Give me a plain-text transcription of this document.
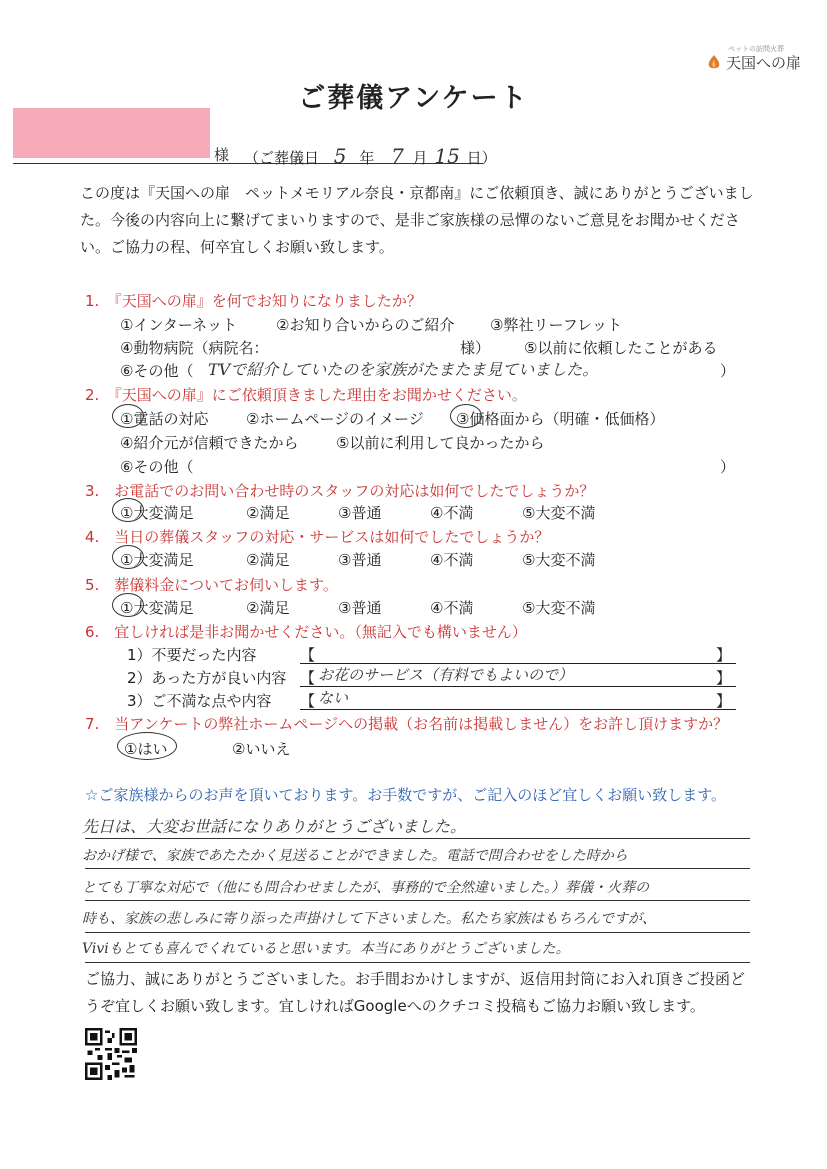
ペットの訪問火葬
天国への扉
ご葬儀アンケート
様 （ご葬儀日 5 年 7 月 15 日）
この度は『天国への扉　ペットメモリアル奈良・京都南』にご依頼頂き、誠にありがとうございました。今後の内容向上に繋げてまいりますので、是非ご家族様の忌憚のないご意見をお聞かせください。ご協力の程、何卒宜しくお願い致します。
1.　『天国への扉』を何でお知りになりましたか？
①インターネット	②お知り合いからのご紹介 ③弊社リーフレット
④動物病院（病院名：	様） ⑤以前に依頼したことがある
⑥その他（ TVで紹介していたのを家族がたまたま見ていました。	）
2.　『天国への扉』にご依頼頂きました理由をお聞かせください。
①電話の対応	②ホームページのイメージ ③価格面から（明確・低価格）
④紹介元が信頼できたから	⑤以前に利用して良かったから
⑥その他（	）
3.　お電話でのお問い合わせ時のスタッフの対応は如何でしたでしょうか？
①大変満足	②満足	③普通	④不満	⑤大変不満
4.　当日の葬儀スタッフの対応・サービスは如何でしたでしょうか？
①大変満足	②満足	③普通	④不満	⑤大変不満
5.　葬儀料金についてお伺いします。
①大変満足	②満足	③普通	④不満	⑤大変不満
6.　宜しければ是非お聞かせください。（無記入でも構いません）
1）不要だった内容	【	】
2）あった方が良い内容 【 お花のサービス（有料でもよいので）	】
3）ご不満な点や内容 【 ない	】
7.　当アンケートの弊社ホームページへの掲載（お名前は掲載しません）をお許し頂けますか？
①はい	②いいえ
☆ご家族様からのお声を頂いております。お手数ですが、ご記入のほど宜しくお願い致します。
先日は、大変お世話になりありがとうございました。
おかげ様で、家族であたたかく見送ることができました。電話で問合わせをした時から
とても丁寧な対応で（他にも問合わせましたが、事務的で全然違いました。）葬儀・火葬の
時も、家族の悲しみに寄り添った声掛けして下さいました。私たち家族はもちろんですが、
Viviもとても喜んでくれていると思います。本当にありがとうございました。
ご協力、誠にありがとうございました。お手間おかけしますが、返信用封筒にお入れ頂きご投函どうぞ宜しくお願い致します。宜しければGoogleへのクチコミ投稿もご協力お願い致します。
